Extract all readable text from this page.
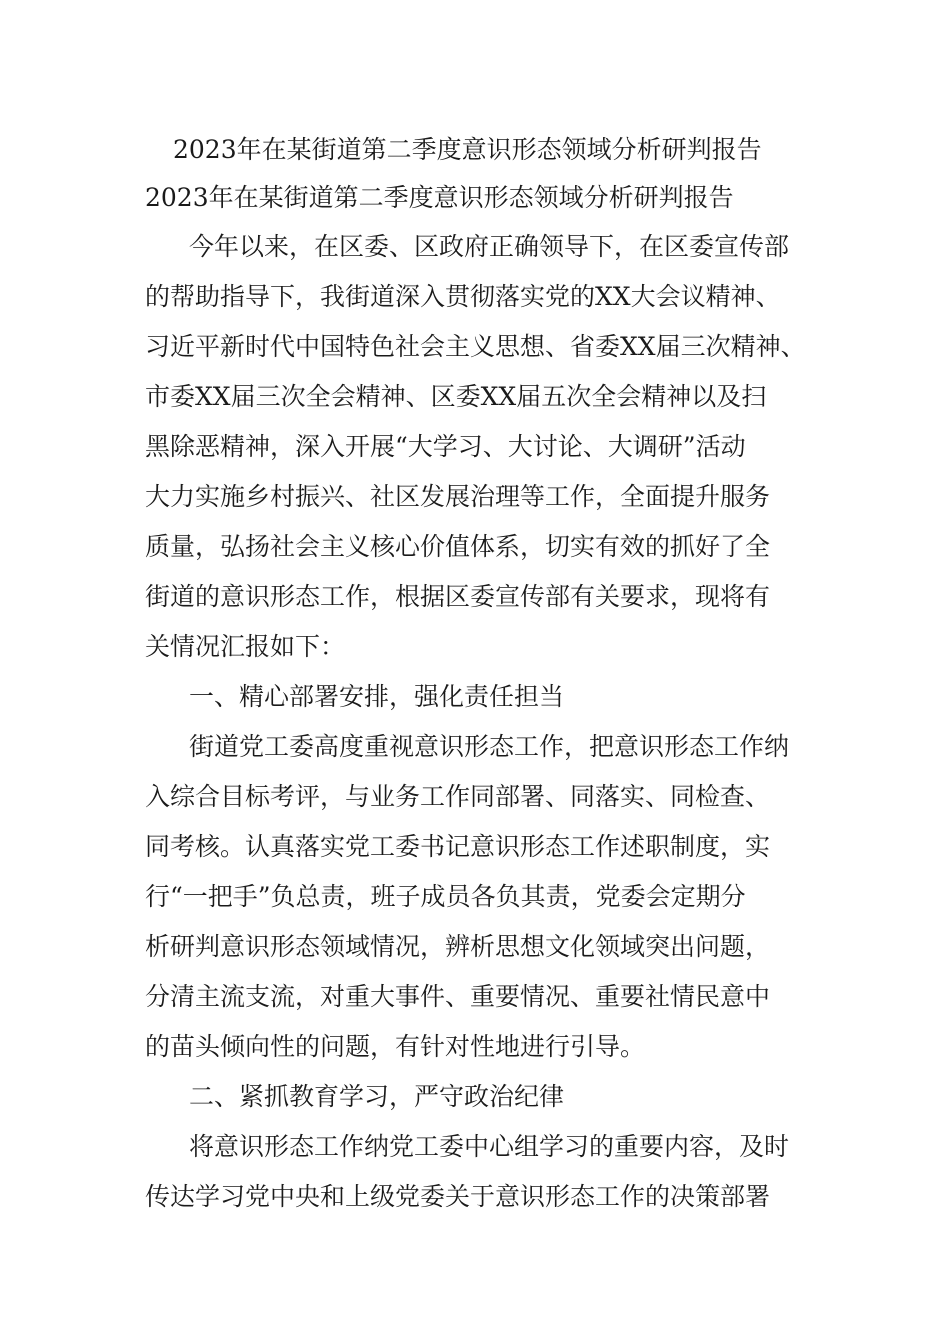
2023年在某街道第二季度意识形态领域分析研判报告
2023年在某街道第二季度意识形态领域分析研判报告
今年以来，在区委、区政府正确领导下，在区委宣传部
的帮助指导下，我街道深入贯彻落实党的XX大会议精神、
习近平新时代中国特色社会主义思想、省委XX届三次精神、
市委XX届三次全会精神、区委XX届五次全会精神以及扫
黑除恶精神，深入开展“大学习、大讨论、大调研”活动
大力实施乡村振兴、社区发展治理等工作，全面提升服务
质量，弘扬社会主义核心价值体系，切实有效的抓好了全
街道的意识形态工作，根据区委宣传部有关要求，现将有
关情况汇报如下：
一、精心部署安排，强化责任担当
街道党工委高度重视意识形态工作，把意识形态工作纳
入综合目标考评，与业务工作同部署、同落实、同检查、
同考核。认真落实党工委书记意识形态工作述职制度，实
行“一把手”负总责，班子成员各负其责，党委会定期分
析研判意识形态领域情况，辨析思想文化领域突出问题，
分清主流支流，对重大事件、重要情况、重要社情民意中
的苗头倾向性的问题，有针对性地进行引导。
二、紧抓教育学习，严守政治纪律
将意识形态工作纳党工委中心组学习的重要内容，及时
传达学习党中央和上级党委关于意识形态工作的决策部署
